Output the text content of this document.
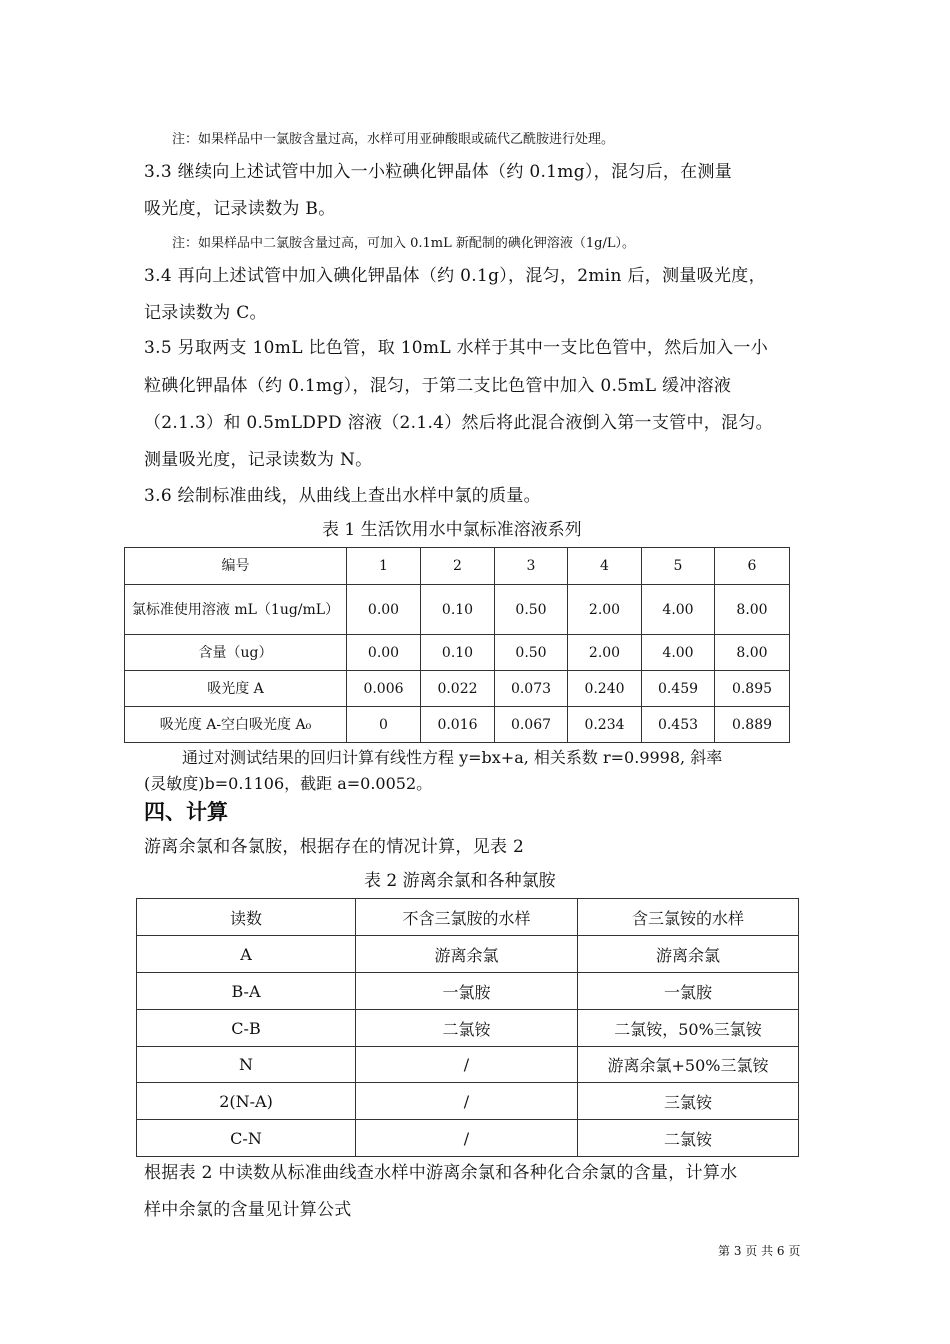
注：如果样品中一氯胺含量过高，水样可用亚砷酸眼或硫代乙酰胺进行处理。
3.3 继续向上述试管中加入一小粒碘化钾晶体（约 0.1mg），混匀后，在测量
吸光度，记录读数为 B。
注：如果样品中二氯胺含量过高，可加入 0.1mL 新配制的碘化钾溶液（1g/L）。
3.4 再向上述试管中加入碘化钾晶体（约 0.1g），混匀，2min 后，测量吸光度，
记录读数为 C。
3.5 另取两支 10mL 比色管，取 10mL 水样于其中一支比色管中，然后加入一小
粒碘化钾晶体（约 0.1mg），混匀，于第二支比色管中加入 0.5mL 缓冲溶液
（2.1.3）和 0.5mLDPD 溶液（2.1.4）然后将此混合液倒入第一支管中，混匀。
测量吸光度，记录读数为 N。
3.6 绘制标准曲线，从曲线上查出水样中氯的质量。
表 1 生活饮用水中氯标准溶液系列
编号	1	2	3	4	5	6
氯标准使用溶液 mL（1ug/mL）	0.00	0.10	0.50	2.00	4.00	8.00
含量（ug）	0.00	0.10	0.50	2.00	4.00	8.00
吸光度 A	0.006	0.022	0.073	0.240	0.459	0.895
吸光度 A-空白吸光度 A₀	0	0.016	0.067	0.234	0.453	0.889
通过对测试结果的回归计算有线性方程 y=bx+a, 相关系数 r=0.9998, 斜率
(灵敏度)b=0.1106，截距 a=0.0052。
四、计算
游离余氯和各氯胺，根据存在的情况计算，见表 2
表 2 游离余氯和各种氯胺
读数	不含三氯胺的水样	含三氯铵的水样
A	游离余氯	游离余氯
B-A	一氯胺	一氯胺
C-B	二氯铵	二氯铵，50%三氯铵
N	/	游离余氯+50%三氯铵
2(N-A)	/	三氯铵
C-N	/	二氯铵
根据表 2 中读数从标准曲线查水样中游离余氯和各种化合余氯的含量，计算水
样中余氯的含量见计算公式
第 3 页 共 6 页
